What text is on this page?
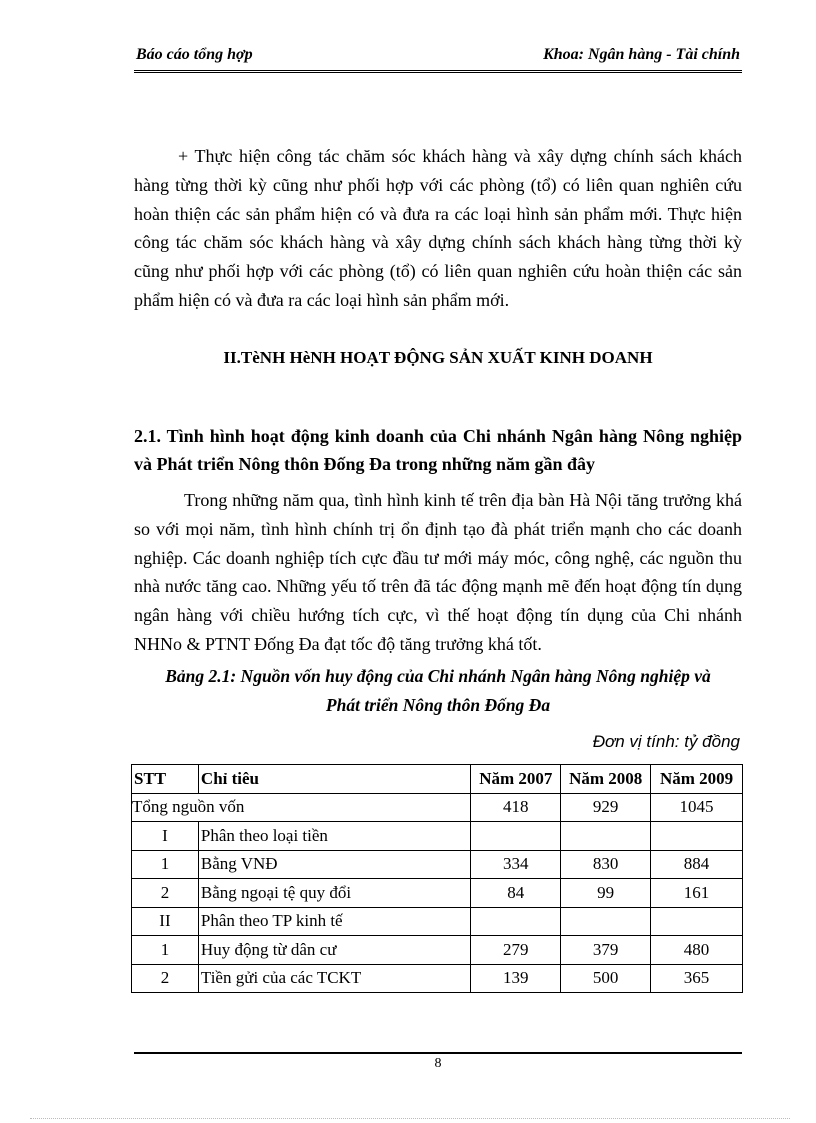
Báo cáo tổng hợp	Khoa: Ngân hàng - Tài chính
+ Thực hiện công tác chăm sóc khách hàng và xây dựng chính sách khách hàng từng thời kỳ cũng như phối hợp với các phòng (tổ) có liên quan nghiên cứu hoàn thiện các sản phẩm hiện có và đưa ra các loại hình sản phẩm mới. Thực hiện công tác chăm sóc khách hàng và xây dựng chính sách khách hàng từng thời kỳ cũng như phối hợp với các phòng (tổ) có liên quan nghiên cứu hoàn thiện các sản phẩm hiện có và đưa ra các loại hình sản phẩm mới.
II.TèNH HèNH HOẠT ĐỘNG SẢN XUẤT KINH DOANH
2.1. Tình hình hoạt động kinh doanh của Chi nhánh Ngân hàng Nông nghiệp và Phát triển Nông thôn Đống Đa trong những năm gần đây
Trong những năm qua, tình hình kinh tế trên địa bàn Hà Nội tăng trưởng khá so với mọi năm, tình hình chính trị ổn định tạo đà phát triển mạnh cho các doanh nghiệp. Các doanh nghiệp tích cực đầu tư mới máy móc, công nghệ, các nguồn thu nhà nước tăng cao. Những yếu tố trên đã tác động mạnh mẽ đến hoạt động tín dụng ngân hàng với chiều hướng tích cực, vì thế hoạt động tín dụng của Chi nhánh NHNo & PTNT Đống Đa đạt tốc độ tăng trưởng khá tốt.
Bảng 2.1: Nguồn vốn huy động của Chi nhánh Ngân hàng Nông nghiệp và
Phát triển Nông thôn Đống Đa
Đơn vị tính: tỷ đồng
STT	Chỉ tiêu	Năm 2007	Năm 2008	Năm 2009
Tổng nguồn vốn		418	929	1045
I	Phân theo loại tiền			
1	Bằng VNĐ	334	830	884
2	Bằng ngoại tệ quy đổi	84	99	161
II	Phân theo TP kinh tế			
1	Huy động từ dân cư	279	379	480
2	Tiền gửi của các TCKT	139	500	365
8
